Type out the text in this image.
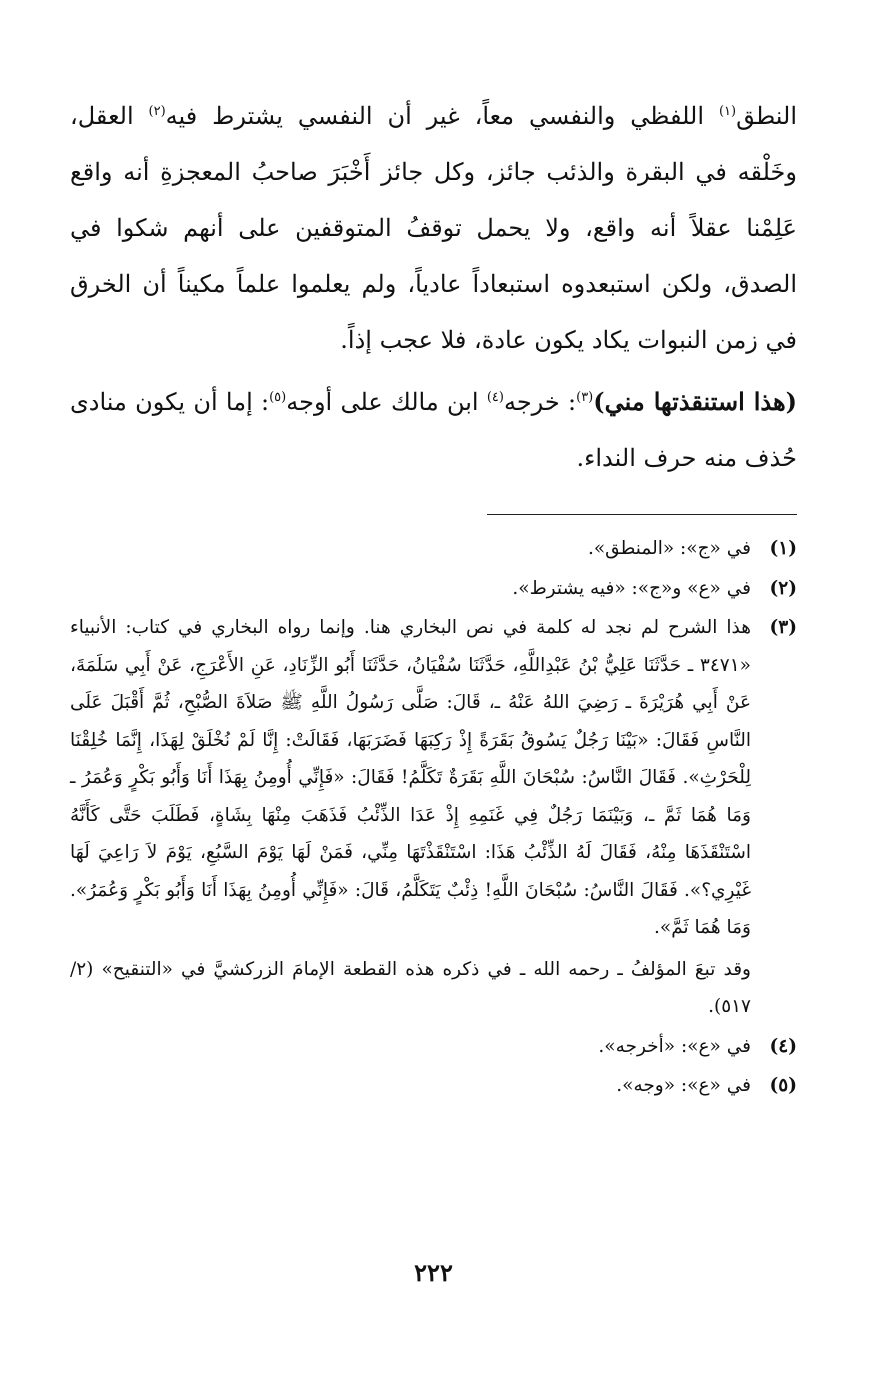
النطق$^{(١)}$ اللفظي والنفسي معاً، غير أن النفسي يشترط فيه$^{(٢)}$ العقل، وخَلْقه في البقرة والذئب جائز، وكل جائز أَخْبَرَ صاحبُ المعجزةِ أنه واقع عَلِمْنا عقلاً أنه واقع، ولا يحمل توقفُ المتوقفين على أنهم شكوا في الصدق، ولكن استبعدوه استبعاداً عادياً، ولم يعلموا علماً مكيناً أن الخرق في زمن النبوات يكاد يكون عادة، فلا عجب إذاً.

(هذا استنقذتها مني)$^{(٣)}$: خرجه$^{(٤)}$ ابن مالك على أوجه$^{(٥)}$: إما أن يكون منادى حُذف منه حرف النداء.

(١)

في «ج»: «المنطق».

(٢)

في «ع» و«ج»: «فيه يشترط».

(٣)

هذا الشرح لم نجد له كلمة في نص البخاري هنا. وإنما رواه البخاري في كتاب: الأنبياء «٣٤٧١ ـ حَدَّثَنَا عَلِيُّ بْنُ عَبْدِاللَّهِ، حَدَّثَنَا سُفْيَانُ، حَدَّثَنَا أَبُو الزِّنَادِ، عَنِ الأَعْرَجِ، عَنْ أَبِي سَلَمَةَ، عَنْ أَبِي هُرَيْرَةَ ـ رَضِيَ اللهُ عَنْهُ ـ، قَالَ: صَلَّى رَسُولُ اللَّهِ ﷺ صَلاَةَ الصُّبْحِ، ثُمَّ أَقْبَلَ عَلَى النَّاسِ فَقَالَ: «بَيْنَا رَجُلٌ يَسُوقُ بَقَرَةً إِذْ رَكِبَهَا فَضَرَبَهَا، فَقَالَتْ: إِنَّا لَمْ نُخْلَقْ لِهَذَا، إِنَّمَا خُلِقْنَا لِلْحَرْثِ». فَقَالَ النَّاسُ: سُبْحَانَ اللَّهِ بَقَرَةٌ تَكَلَّمُ! فَقَالَ: «فَإِنِّي أُومِنُ بِهَذَا أَنَا وَأَبُو بَكْرٍ وَعُمَرُ ـ وَمَا هُمَا ثَمَّ ـ، وَبَيْنَمَا رَجُلٌ فِي غَنَمِهِ إِذْ عَدَا الذِّئْبُ فَذَهَبَ مِنْهَا بِشَاةٍ، فَطَلَبَ حَتَّى كَأَنَّهُ اسْتَنْقَذَهَا مِنْهُ، فَقَالَ لَهُ الذِّئْبُ هَذَا: اسْتَنْقَذْتَهَا مِنِّي، فَمَنْ لَهَا يَوْمَ السَّبُعِ، يَوْمَ لاَ رَاعِيَ لَهَا غَيْرِي؟». فَقَالَ النَّاسُ: سُبْحَانَ اللَّهِ! ذِئْبٌ يَتَكَلَّمُ، قَالَ: «فَإِنِّي أُومِنُ بِهَذَا أَنَا وَأَبُو بَكْرٍ وَعُمَرُ». وَمَا هُمَا ثَمَّ».

وقد تبعَ المؤلفُ ـ رحمه الله ـ في ذكره هذه القطعة الإمامَ الزركشيَّ في «التنقيح» (٢/ ٥١٧).

(٤)

في «ع»: «أخرجه».

(٥)

في «ع»: «وجه».

٢٢٢
